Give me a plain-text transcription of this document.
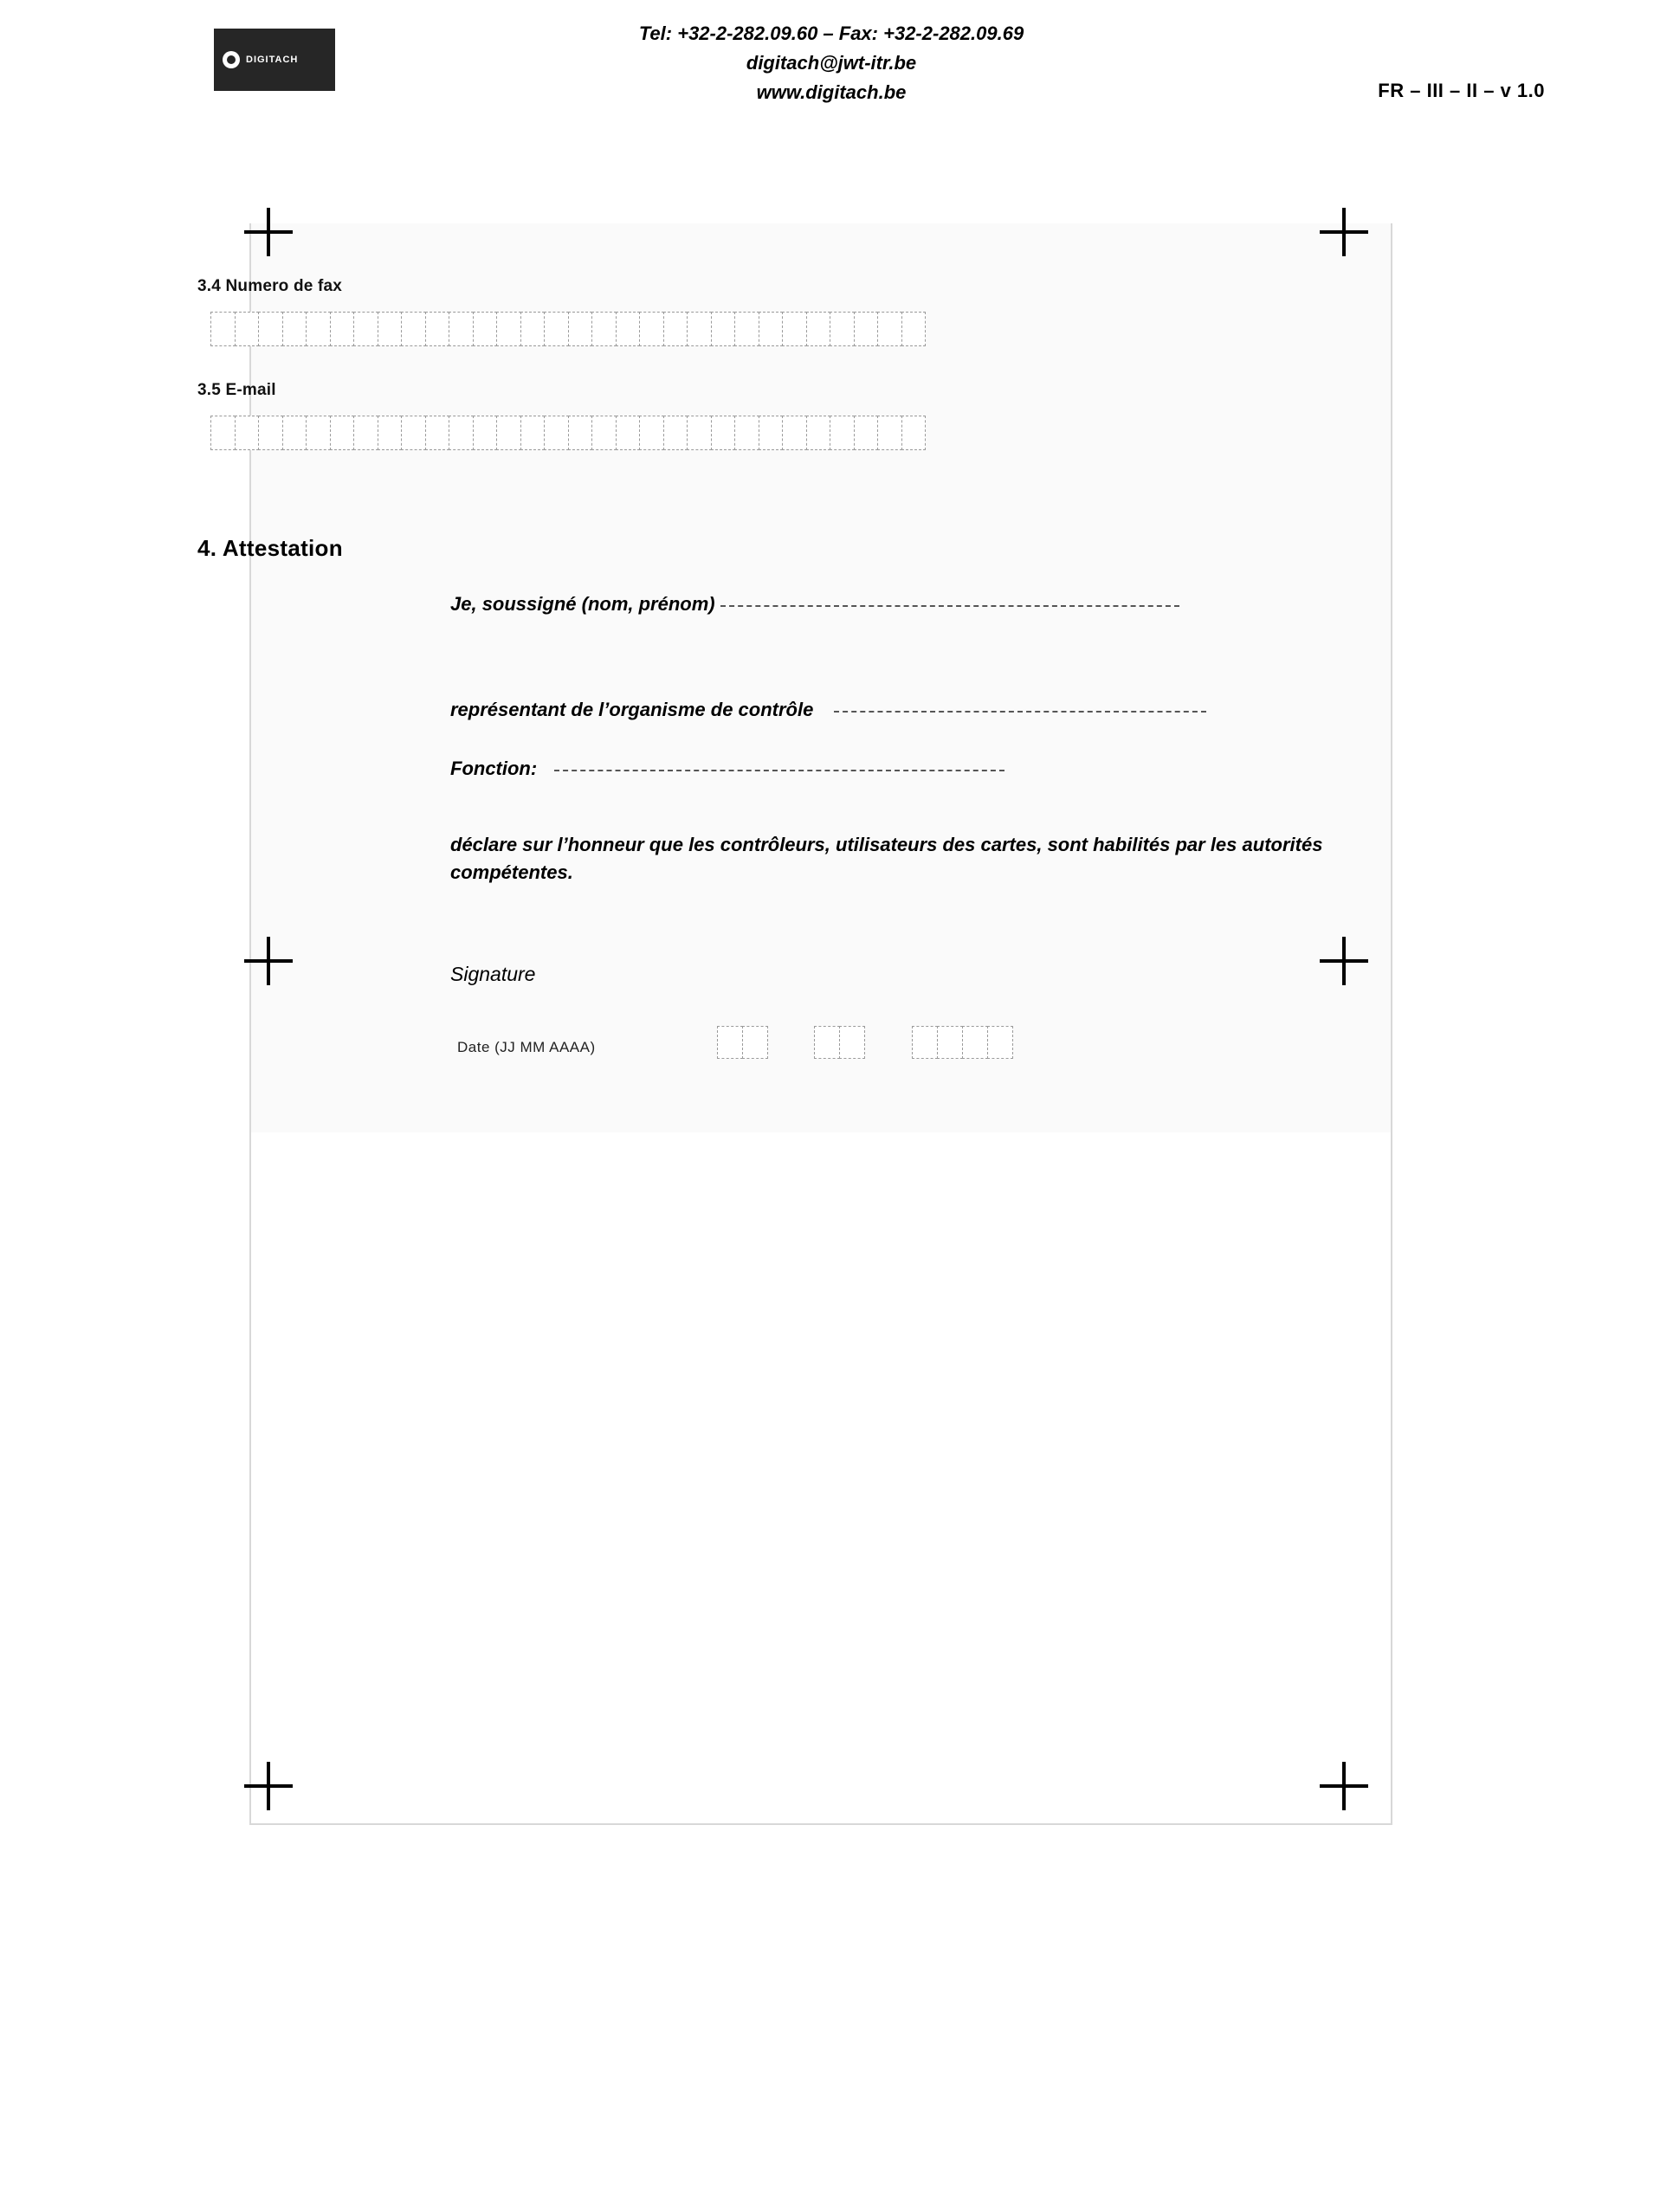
DIGITACH
Tel: +32-2-282.09.60 – Fax: +32-2-282.09.69
digitach@jwt-itr.be
www.digitach.be	FR – III – II – v 1.0
3.4 Numero de fax
3.5 E-mail
4. Attestation
Je, soussigné (nom, prénom)
représentant de l’organisme de contrôle
Fonction:
déclare sur l’honneur que les contrôleurs, utilisateurs des cartes, sont habilités par les autorités compétentes.
Signature
Date (JJ MM AAAA)
